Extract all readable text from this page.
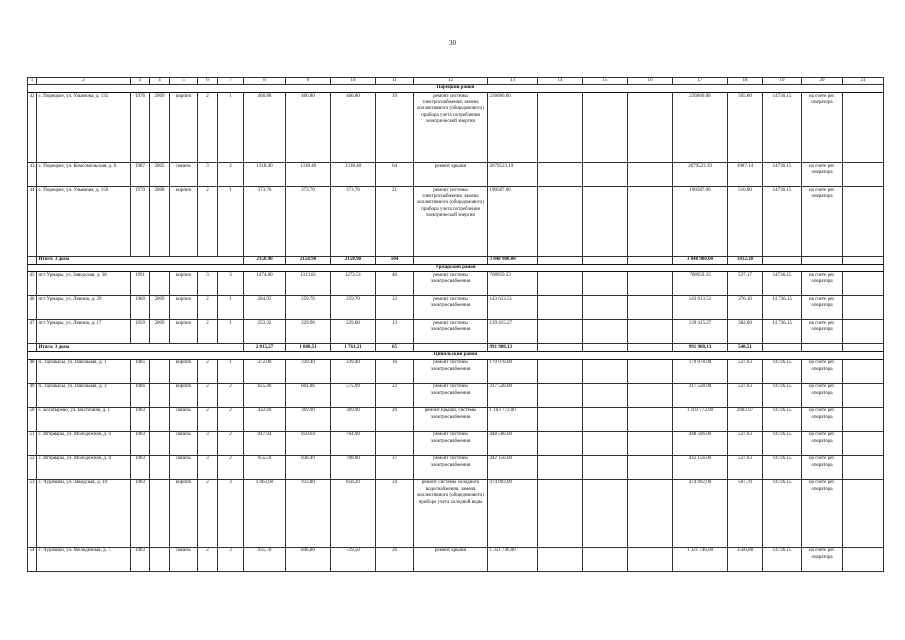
30
1	2	3	4	5	6	7	8	9	10	11	12	13	14	15	16	17	18	19	20	21
Порецкий район																				
42	с. Порецкое, ул. Ульянова, д. 135	1976	2009	кирпич	2	1	466.80	466.80	466.80	19	ремонт системы электроснабжения, замена коллективного (общедомового) прибора учета потребления электрической энергии	236066.00				236066.00	505.00	14736.15	на счете рег. оператора	
43	с. Порецкое, ул. Комсомольская, д. 6	1987	2005	панель	3	2	1318.40	1318.40	1318.40	64	ремонт крыши	2679523.19				2679523.19	1987.14	14736.15	на счете рег. оператора	
44	с. Порецкое, ул. Ульянова, д. 150	1970	2008	кирпич	2	1	373.70	373.70	373.70	21	ремонт системы электроснабжения, замена коллективного (общедомового) прибора учета потребления электрической энергии	190587.00				190587.00	510.00	14736.15	на счете рег. оператора	
	Итого: 3 дома						2158.90	2158.90	2158.90	104		3 048 980.00				3 048 980.00	1412.38			
Урмарский район																				
45	пгт Урмары, ул. Заводская, д. 38	1991		кирпич	3	3	1474.00	1313.81	1272.51	40	ремонт системы электроснабжения	708959.33				708959.33	537.17	14736.15	на счете рег. оператора	
46	пгт Урмары, ул. Ленина, д. 29	1960	2009	кирпич	2	1	284.95	259.76	259.70	12	ремонт системы электроснабжения	143 613.51				143 613.51	376.10	14 736.15	на счете рег. оператора	
47	пгт Урмары, ул. Ленина, д. 17	1959	2009	кирпич	2	1	253.32	229.96	229.00	13	ремонт системы электроснабжения	139 415.27				139 415.27	382.60	14 736.15	на счете рег. оператора	
	Итого: 3 дома						2 015,27	1 808,51	1 761,21	65		991 988,13				991 988,13	548,51			
Цивильский район																				
48	п. Таушкасы, ул. Школьная, д. 1	1985		кирпич	2	1	372.00	339.40	339.40	16	ремонт системы электроснабжения	179 078.00				179 078.00	527.63	14736.15	на счете рег. оператора	
49	п. Таушкасы, ул. Школьная, д. 3	1986		кирпич	2	2	625.40	601.86	575.99	22	ремонт системы электроснабжения	317 528.00				317 528.00	527.63	14736.15	на счете рег. оператора	
50	с. Богатырево, ул. Восточная, д. 1	1983		панель	2	2	422.60	369.90	369.90	20	ремонт крыши, системы электроснабжения	1 103 772.00				1 103 772.00	2983.97	14736.15	на счете рег. оператора	
51	с. Игорвары, ул. Молодежная, д. 6	1983		панель	3	2	947.94	850.64	764.90		ремонт системы электроснабжения	448 506.00				448 506.00	527.63	14736.15	на счете рег. оператора	
52	с. Игорвары, ул. Молодежная, д. 8	1983		панель	3	2	955.59	838.49	708.00	37	ремонт системы электроснабжения	442 156.00				442 156.00	527.63	14736.15	на счете рег. оператора	
53	с. Чурачики, ул. Заводская, д. 10	1983		кирпич	2	3	1 063,60	933,80	858,20	34	ремонт системы холодного водоснабжения, замена коллективного (общедомового) прибора учета холодной воды	474 092,00				474 092,00	507.70	14736.15	на счете рег. оператора	
54	с. Чурачики, ул. Молодежная, д. 7	1983		панель	2	3	935,70	846,80	729,50	26	ремонт крыши	1 321 746,00				1 321 746,00	1560,88	14736.15	на счете рег. оператора	
